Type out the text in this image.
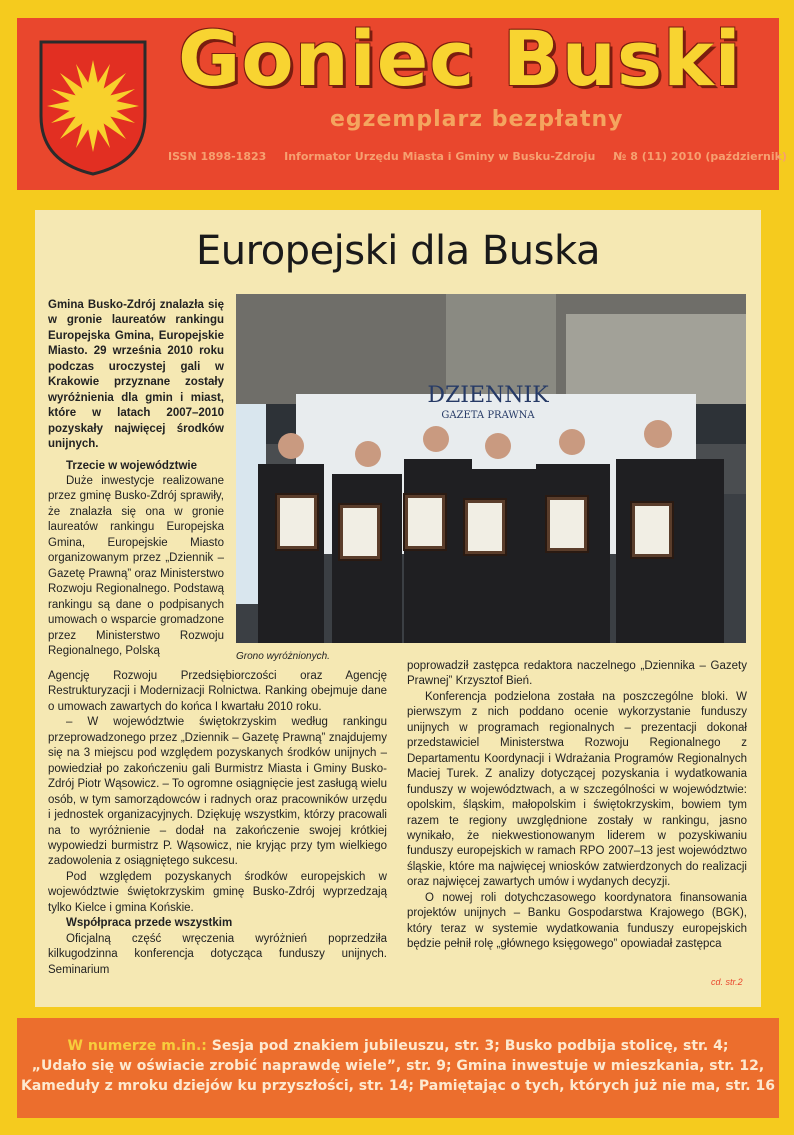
Goniec Buski
egzemplarz bezpłatny
ISSN 1898-1823 Informator Urzędu Miasta i Gminy w Busku-Zdroju № 8 (11) 2010 (październik)
Europejski dla Buska

Gmina Busko-Zdrój znalazła się w gronie laureatów rankingu Europejska Gmina, Europejskie Miasto. 29 września 2010 roku podczas uroczystej gali w Krakowie przyznane zostały wyróżnienia dla gmin i miast, które w latach 2007–2010 pozyskały najwięcej środków unijnych.

Trzecie w województwie

Duże inwestycje realizowane przez gminę Busko-Zdrój sprawiły, że znalazła się ona w gronie laureatów rankingu Europejska Gmina, Europejskie Miasto organizowanym przez „Dziennik – Gazetę Prawną” oraz Ministerstwo Rozwoju Regionalnego. Podstawą rankingu są dane o podpisanych umowach o wsparcie gromadzone przez Ministerstwo Rozwoju Regionalnego, Polską

DZIENNIK
GAZETA PRAWNA
Grono wyróżnionych.

Agencję Rozwoju Przedsiębiorczości oraz Agencję Restrukturyzacji i Modernizacji Rolnictwa. Ranking obejmuje dane o umowach zawartych do końca I kwartału 2010 roku.

– W województwie świętokrzyskim według rankingu przeprowadzonego przez „Dziennik – Gazetę Prawną” znajdujemy się na 3 miejscu pod względem pozyskanych środków unijnych – powiedział po zakończeniu gali Burmistrz Miasta i Gminy Busko-Zdrój Piotr Wąsowicz. – To ogromne osiągnięcie jest zasługą wielu osób, w tym samorządowców i radnych oraz pracowników urzędu i jednostek organizacyjnych. Dziękuję wszystkim, którzy pracowali na to wyróżnienie – dodał na zakończenie swojej krótkiej wypowiedzi burmistrz P. Wąsowicz, nie kryjąc przy tym wielkiego zadowolenia z osiągniętego sukcesu.

Pod względem pozyskanych środków europejskich w województwie świętokrzyskim gminę Busko-Zdrój wyprzedzają tylko Kielce i gmina Końskie.

Współpraca przede wszystkim

Oficjalną część wręczenia wyróżnień poprzedziła kilkugodzinna konferencja dotycząca funduszy unijnych. Seminarium

poprowadził zastępca redaktora naczelnego „Dziennika – Gazety Prawnej” Krzysztof Bień.

Konferencja podzielona została na poszczególne bloki. W pierwszym z nich poddano ocenie wykorzystanie funduszy unijnych w programach regionalnych – prezentacji dokonał przedstawiciel Ministerstwa Rozwoju Regionalnego z Departamentu Koordynacji i Wdrażania Programów Regionalnych Maciej Turek. Z analizy dotyczącej pozyskania i wydatkowania funduszy w województwach, a w szczególności w województwie: opolskim, śląskim, małopolskim i świętokrzyskim, bowiem tym razem te regiony uwzględnione zostały w rankingu, jasno wynikało, że niekwestionowanym liderem w pozyskiwaniu funduszy europejskich w ramach RPO 2007–13 jest województwo śląskie, które ma najwięcej wniosków zatwierdzonych do realizacji oraz najwięcej zawartych umów i wydanych decyzji.

O nowej roli dotychczasowego koordynatora finansowania projektów unijnych – Banku Gospodarstwa Krajowego (BGK), który teraz w systemie wydatkowania funduszy europejskich będzie pełnił rolę „głównego księgowego” opowiadał zastępca

cd. str.2
W numerze m.in.: Sesja pod znakiem jubileuszu, str. 3; Busko podbija stolicę, str. 4;
„Udało się w oświacie zrobić naprawdę wiele”, str. 9; Gmina inwestuje w mieszkania, str. 12,
Kameduły z mroku dziejów ku przyszłości, str. 14; Pamiętając o tych, których już nie ma, str. 16
